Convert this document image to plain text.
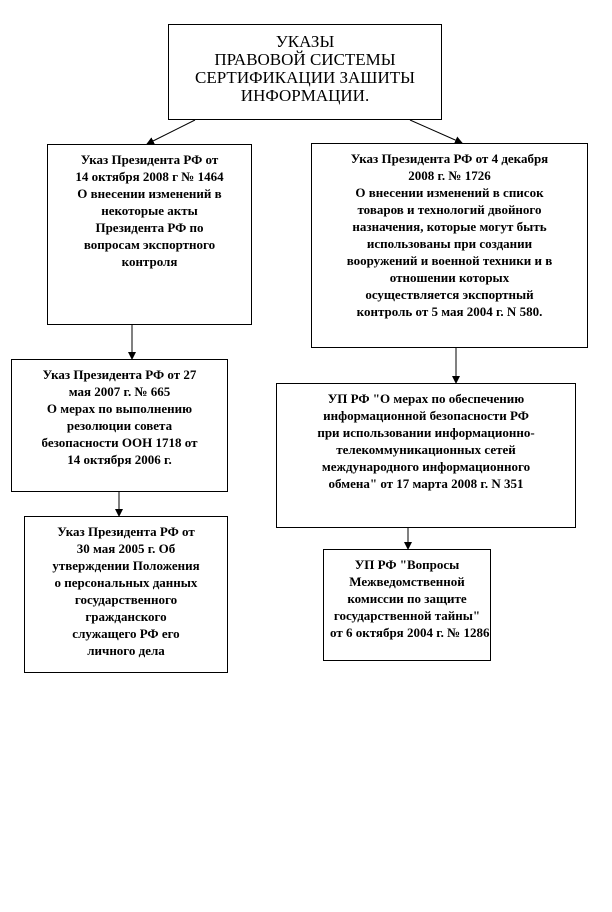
УКАЗЫ
ПРАВОВОЙ СИСТЕМЫ
СЕРТИФИКАЦИИ ЗАШИТЫ
ИНФОРМАЦИИ.
Указ Президента РФ от
14 октября 2008 г № 1464
О внесении изменений в
некоторые акты
Президента РФ по
вопросам экспортного
контроля
Указ Президента РФ от 27
мая 2007 г. № 665
О мерах по выполнению
резолюции совета
безопасности ООН 1718 от
14 октября 2006 г.
Указ Президента РФ от
30 мая 2005 г. Об
утверждении Положения
о персональных данных
государственного
гражданского
служащего РФ его
личного дела
Указ Президента РФ от 4 декабря
2008 г. № 1726
О внесении изменений в список
товаров и технологий двойного
назначения, которые могут быть
использованы при создании
вооружений и военной техники и в
отношении которых
осуществляется экспортный
контроль от 5 мая 2004 г. N 580.
УП РФ "О мерах по обеспечению
информационной безопасности РФ
при использовании информационно-
телекоммуникационных сетей
международного информационного
обмена" от 17 марта 2008 г. N 351
УП РФ "Вопросы
Межведомственной
комиссии по защите
государственной тайны"
от 6 октября 2004 г. № 1286
